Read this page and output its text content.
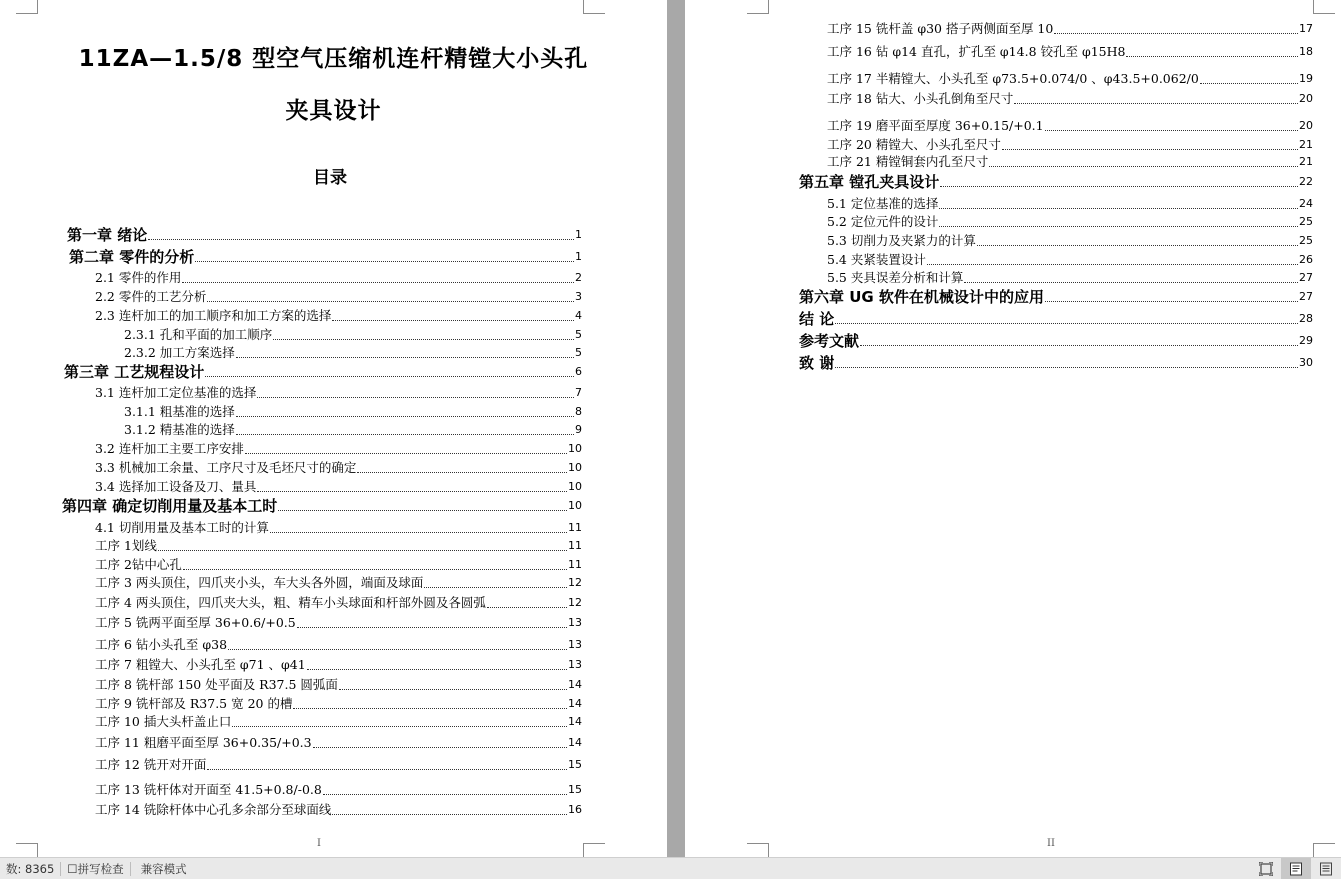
11ZA—1.5/8 型空气压缩机连杆精镗大小头孔
夹具设计
目录
第一章 绪论	1
第二章 零件的分析	1
2.1 零件的作用	2
2.2 零件的工艺分析	3
2.3 连杆加工的加工顺序和加工方案的选择	4
2.3.1 孔和平面的加工顺序	5
2.3.2 加工方案选择	5
第三章 工艺规程设计	6
3.1 连杆加工定位基准的选择	7
3.1.1 粗基准的选择	8
3.1.2 精基准的选择	9
3.2 连杆加工主要工序安排	10
3.3 机械加工余量、工序尺寸及毛坯尺寸的确定	10
3.4 选择加工设备及刀、量具	10
第四章 确定切削用量及基本工时	10
4.1 切削用量及基本工时的计算	11
工序 1划线	11
工序 2钻中心孔	11
工序 3 两头顶住，四爪夹小头，车大头各外圆，端面及球面	12
工序 4 两头顶住，四爪夹大头，粗、精车小头球面和杆部外圆及各圆弧	12
工序 5 铣两平面至厚 36+0.6/+0.5	13
工序 6 钻小头孔至 φ38	13
工序 7 粗镗大、小头孔至 φ71 、φ41	13
工序 8 铣杆部 150 处平面及 R37.5 圆弧面	14
工序 9 铣杆部及 R37.5 宽 20 的槽	14
工序 10 插大头杆盖止口	14
工序 11 粗磨平面至厚 36+0.35/+0.3	14
工序 12 铣开对开面	15
工序 13 铣杆体对开面至 41.5+0.8/-0.8	15
工序 14 铣除杆体中心孔多余部分至球面线	16
I
工序 15 铣杆盖 φ30 搭子两侧面至厚 10	17
工序 16 钻 φ14 直孔，扩孔至 φ14.8 铰孔至 φ15H8	18
工序 17 半精镗大、小头孔至 φ73.5+0.074/0 、φ43.5+0.062/0	19
工序 18 钻大、小头孔倒角至尺寸	20
工序 19 磨平面至厚度 36+0.15/+0.1	20
工序 20 精镗大、小头孔至尺寸	21
工序 21 精镗铜套内孔至尺寸	21
第五章 镗孔夹具设计	22
5.1 定位基准的选择	24
5.2 定位元件的设计	25
5.3 切削力及夹紧力的计算	25
5.4 夹紧装置设计	26
5.5 夹具误差分析和计算	27
第六章 UG 软件在机械设计中的应用	27
结 论	28
参考文献	29
致 谢	30
II
数: 8365	☐拼写检查	兼容模式
